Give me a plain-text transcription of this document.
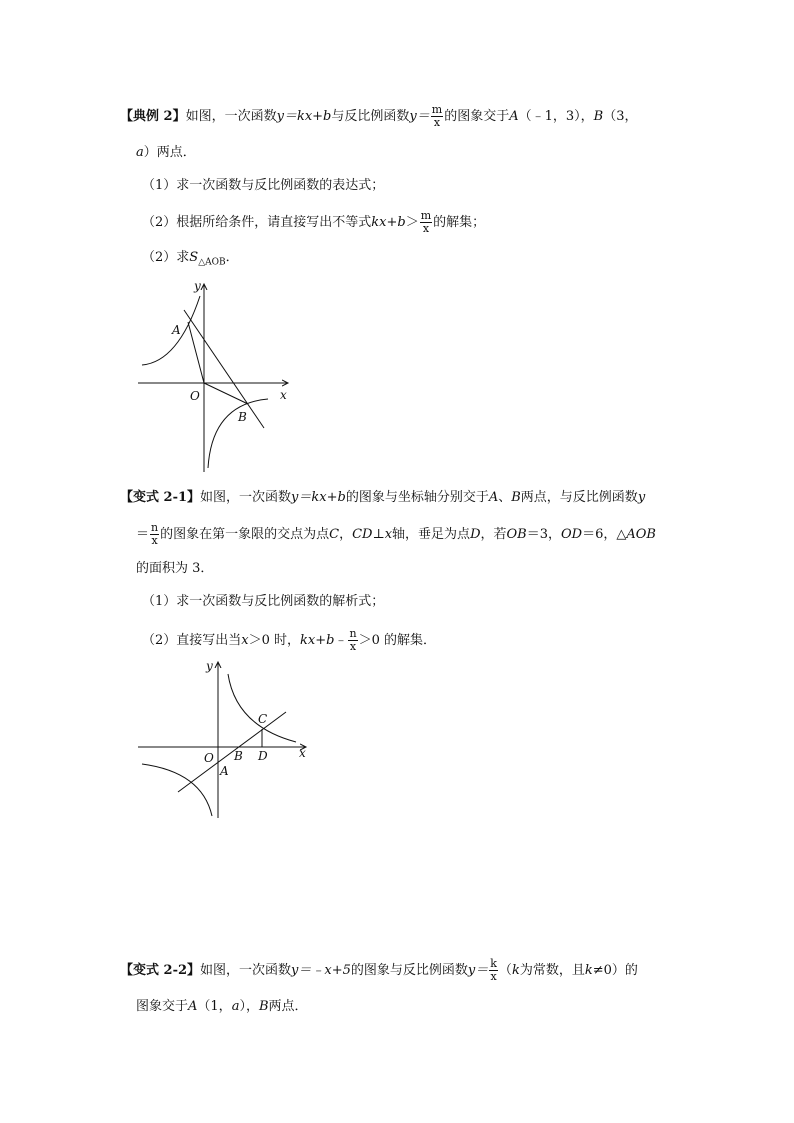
【典例 2】如图，一次函数y＝kx+b与反比例函数$y= \frac{m}{x}$ 的图象交于A（﹣1，3），B（3，
a）两点．
（1）求一次函数与反比例函数的表达式；
（2）根据所给条件，请直接写出不等式$kx+b> \frac{m}{x}$ 的解集；
（2）求$S_{\triangle AOB}$．
y
A
O	x
B
【变式 2-1】如图，一次函数y＝kx+b的图象与坐标轴分别交于A、B两点，与反比例函数y
＝ $\frac{n}{x}$ 的图象在第一象限的交点为点C，CD⊥x轴，垂足为点D，若OB＝3，OD＝6，△AOB
的面积为 3．
（1）求一次函数与反比例函数的解析式；
（2）直接写出当x＞0 时，kx+b﹣ $\frac{n}{x} >0$ 的解集．
y
C
O B D	x
A
【变式 2-2】如图，一次函数y＝﹣x+5的图象与反比例函数$y= \frac{k}{x} (k$为常数，且k≠0）的
图象交于A（1，a），B两点．
